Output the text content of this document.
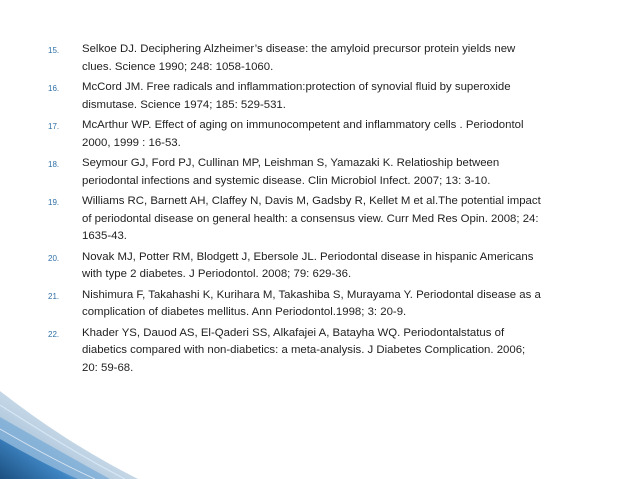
15.	Selkoe DJ. Deciphering Alzheimer’s disease: the amyloid precursor protein yields new
clues. Science 1990; 248: 1058-1060.
16.	McCord JM. Free radicals and inflammation:protection of synovial fluid by superoxide
dismutase. Science 1974; 185: 529-531.
17.	McArthur WP. Effect of aging on immunocompetent and inflammatory cells . Periodontol
2000, 1999 : 16-53.
18.	Seymour GJ, Ford PJ, Cullinan MP, Leishman S, Yamazaki K. Relatioship between
periodontal infections and systemic disease. Clin Microbiol Infect. 2007; 13: 3-10.
19.	Williams RC, Barnett AH, Claffey N, Davis M, Gadsby R, Kellet M et al.The potential impact
of periodontal disease on general health: a consensus view. Curr Med Res Opin. 2008; 24:
1635-43.
20.	Novak MJ, Potter RM, Blodgett J, Ebersole JL. Periodontal disease in hispanic Americans
with type 2 diabetes. J Periodontol. 2008; 79: 629-36.
21.	Nishimura F, Takahashi K, Kurihara M, Takashiba S, Murayama Y. Periodontal disease as a
complication of diabetes mellitus. Ann Periodontol.1998; 3: 20-9.
22.	Khader YS, Dauod AS, El-Qaderi SS, Alkafajei A, Batayha WQ. Periodontalstatus of
diabetics compared with non-diabetics: a meta-analysis. J Diabetes Complication. 2006;
20: 59-68.
